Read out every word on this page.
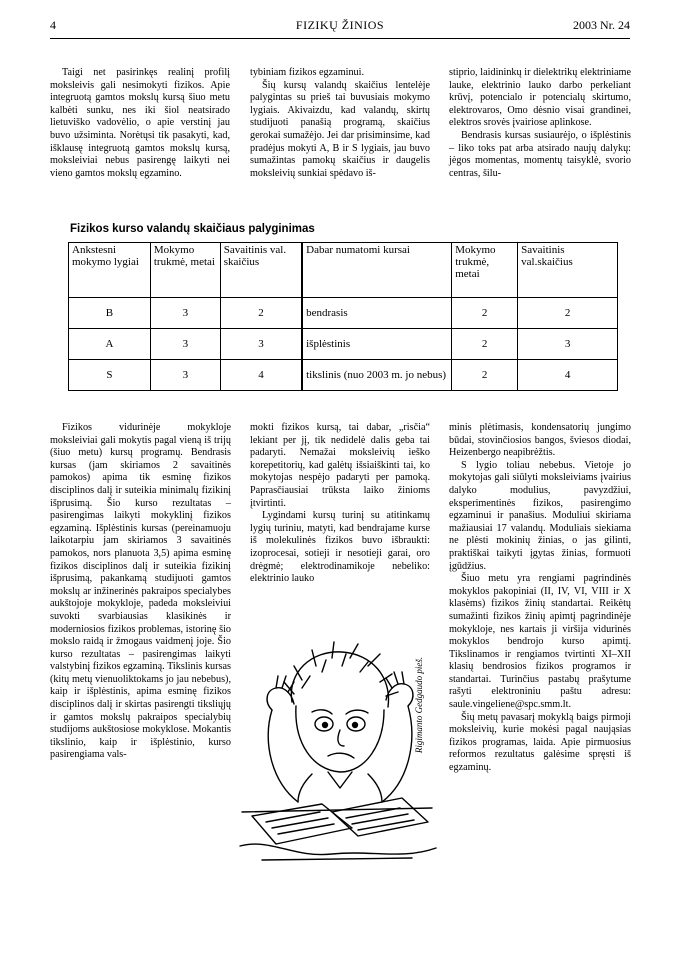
4	FIZIKŲ ŽINIOS	2003 Nr. 24

Taigi net pasirinkęs realinį profilį moksleivis gali nesimokyti fizikos. Apie integruotą gamtos mokslų kursą šiuo metu kalbėti sunku, nes iki šiol neatsirado lietuviško vadovėlio, o apie verstinį jau buvo užsiminta. Norėtųsi tik pasakyti, kad, išklausę integruotą gamtos mokslų kursą, moksleiviai nebus pasirengę laikyti nei vieno gamtos mokslų egzamino.

tybiniam fizikos egzaminui.

Šių kursų valandų skaičius lentelėje palygintas su prieš tai buvusiais mokymo lygiais. Akivaizdu, kad valandų, skirtų studijuoti panašią programą, skaičius gerokai sumažėjo. Jei dar prisiminsime, kad pradėjus mokyti A, B ir S lygiais, jau buvo sumažintas pamokų skaičius ir daugelis moksleivių sunkiai spėdavo iš-

stiprio, laidininkų ir dielektrikų elektriniame lauke, elektrinio lauko darbo perkeliant krūvį, potencialo ir potencialų skirtumo, elektrovaros, Omo dėsnio visai grandinei, elektros srovės įvairiose aplinkose.

Bendrasis kursas susiaurėjo, o išplėstinis – liko toks pat arba atsirado naujų dalykų: jėgos momentas, momentų taisyklė, svorio centras, šilu-

Fizikos kurso valandų skaičiaus palyginimas
Ankstesni mokymo lygiai	Mokymo trukmė, metai	Savaitinis val. skaičius	Dabar numatomi kursai	Mokymo trukmė, metai	Savaitinis val.skaičius
B	3	2	bendrasis	2	2
A	3	3	išplėstinis	2	3
S	3	4	tikslinis (nuo 2003 m. jo nebus)	2	4

Fizikos vidurinėje mokykloje moksleiviai gali mokytis pagal vieną iš trijų (šiuo metu) kursų programų. Bendrasis kursas (jam skiriamos 2 savaitinės pamokos) apima tik esminę fizikos disciplinos dalį ir suteikia minimalų fizikinį išprusimą. Šio kurso rezultatas – pasirengimas laikyti mokyklinį fizikos egzaminą. Išplėstinis kursas (pereinamuoju laikotarpiu jam skiriamos 3 savaitinės pamokos, nors planuota 3,5) apima esminę fizikos disciplinos dalį ir suteikia fizikinį išprusimą, pakankamą studijuoti gamtos mokslų ar inžinerinės pakraipos specialybes aukštojoje mokykloje, padeda moksleiviui suvokti svarbiausias klasikinės ir moderniosios fizikos problemas, istorinę šio mokslo raidą ir žmogaus vaidmenį joje. Šio kurso rezultatas – pasirengimas laikyti valstybinį fizikos egzaminą. Tikslinis kursas (kitų metų vienuoliktokams jo jau nebebus), kaip ir išplėstinis, apima esminę fizikos disciplinos dalį ir skirtas pasirengti tiksliųjų ir gamtos mokslų pakraipos specialybių studijoms aukštosiose mokyklose. Mokantis tikslinio, kaip ir išplėstinio, kurso pasirengiama vals-

mokti fizikos kursą, tai dabar, „risčia“ lekiant per jį, tik nedidelė dalis geba tai padaryti. Nemažai moksleivių ieško korepetitorių, kad galėtų išsiaiškinti tai, ko mokytojas nespėjo padaryti per pamoką. Paprasčiausiai trūksta laiko žinioms įtvirtinti.

Lygindami kursų turinį su atitinkamų lygių turiniu, matyti, kad bendrajame kurse iš molekulinės fizikos buvo išbraukti: izoprocesai, sotieji ir nesotieji garai, oro drėgmė; elektrodinamikoje nebeliko: elektrinio lauko

minis plėtimasis, kondensatorių jungimo būdai, stovinčiosios bangos, šviesos diodai, Heizenbergo neapibrėžtis.

S lygio toliau nebebus. Vietoje jo mokytojas gali siūlyti moksleiviams įvairius dalyko modulius, pavyzdžiui, eksperimentinės fizikos, pasirengimo egzaminui ir panašius. Moduliui skiriama mažiausiai 17 valandų. Moduliais siekiama ne plėsti mokinių žinias, o jas gilinti, praktiškai taikyti įgytas žinias, formuoti įgūdžius.

Šiuo metu yra rengiami pagrindinės mokyklos pakopiniai (II, IV, VI, VIII ir X klasėms) fizikos žinių standartai. Reikėtų sumažinti fizikos žinių apimtį pagrindinėje mokykloje, nes kartais ji viršija vidurinės mokyklos bendrojo kurso apimtį. Tikslinamos ir rengiamos tvirtinti XI–XII klasių bendrosios fizikos programos ir standartai. Turinčius pastabų prašytume rašyti elektroniniu paštu adresu: saule.vingeliene@spc.smm.lt.

Šių metų pavasarį mokyklą baigs pirmoji moksleivių, kurie mokėsi pagal naująsias fizikos programas, laida. Apie pirmuosius reformos rezultatus galėsime spręsti iš egzaminų.

Rigimanto Gedgaudo pieš.
